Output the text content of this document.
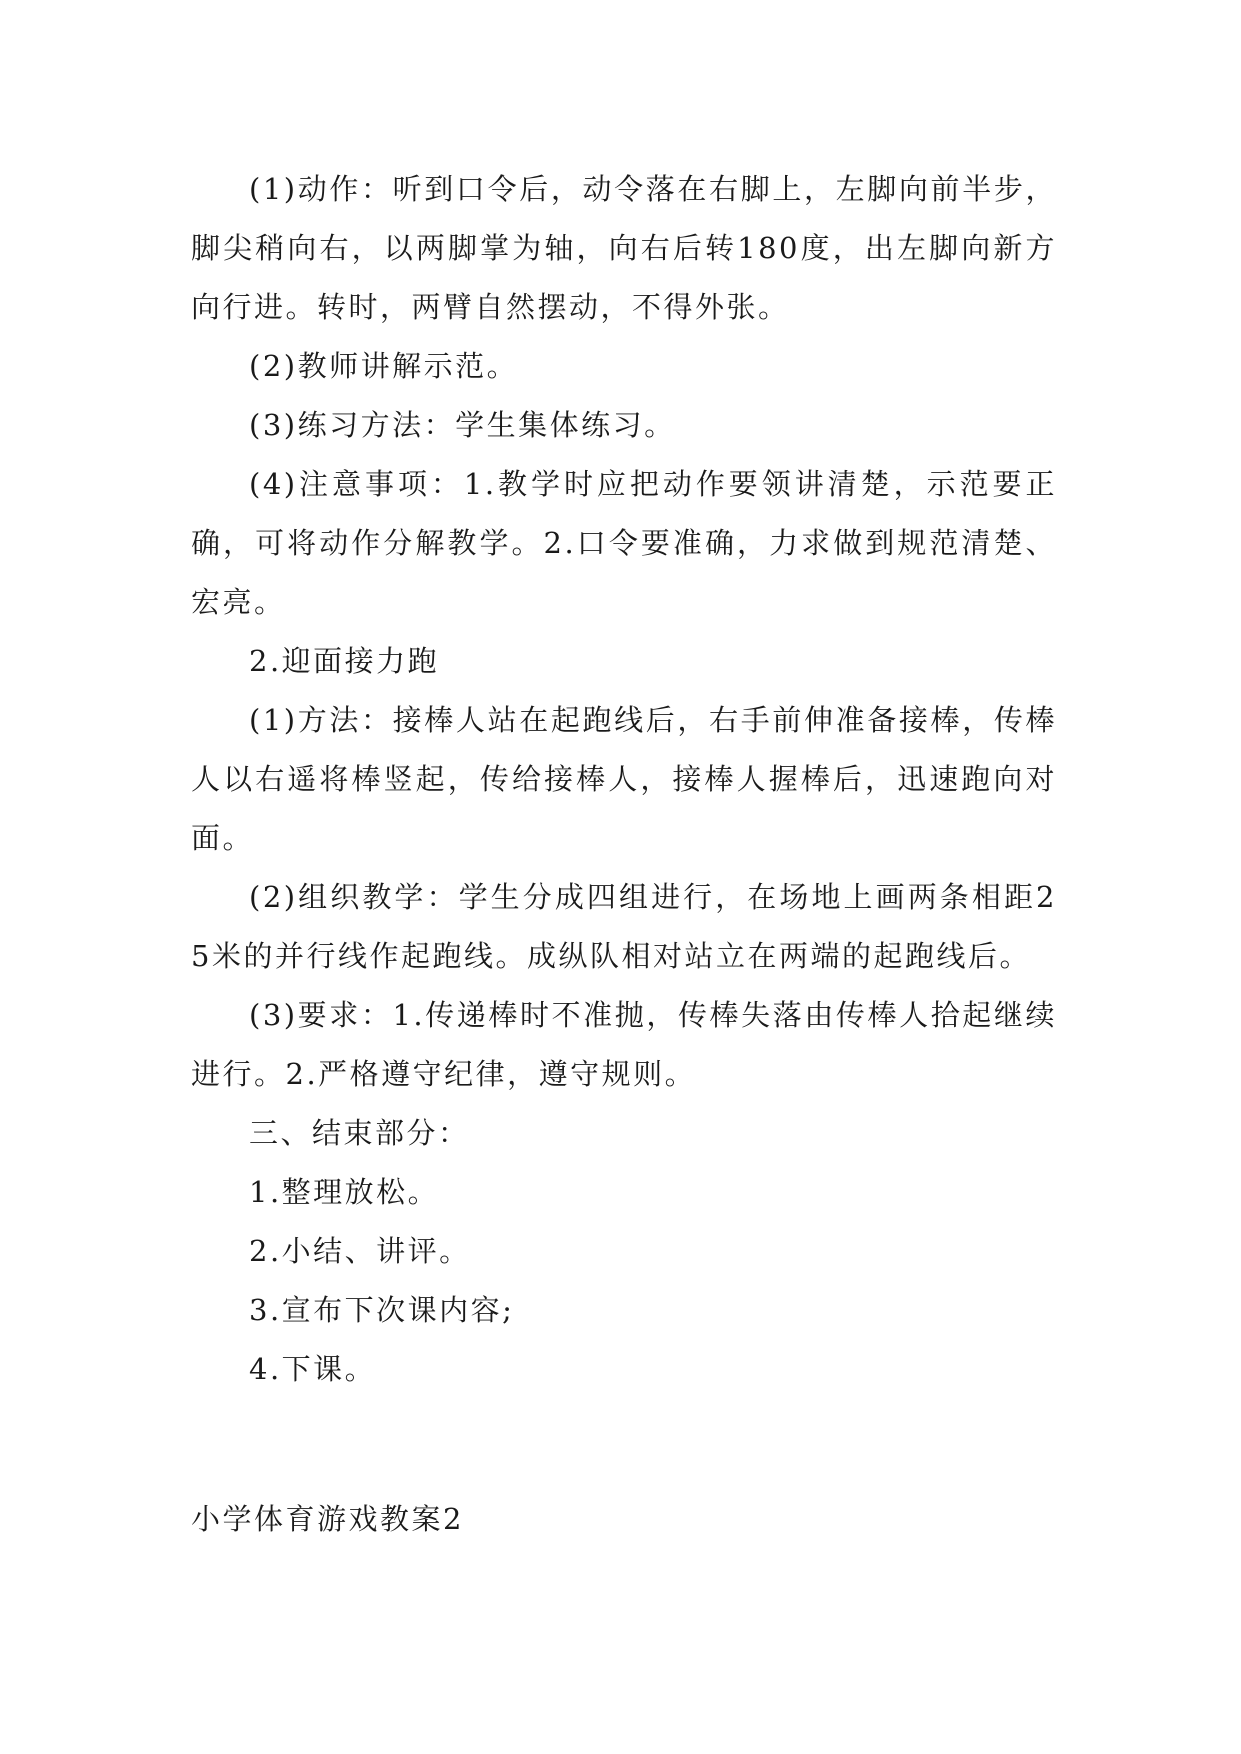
(1)动作：听到口令后，动令落在右脚上，左脚向前半步，脚尖稍向右，以两脚掌为轴，向右后转180度，出左脚向新方向行进。转时，两臂自然摆动，不得外张。

(2)教师讲解示范。

(3)练习方法：学生集体练习。

(4)注意事项：1.教学时应把动作要领讲清楚，示范要正确，可将动作分解教学。2.口令要准确，力求做到规范清楚、宏亮。

2.迎面接力跑

(1)方法：接棒人站在起跑线后，右手前伸准备接棒，传棒人以右遥将棒竖起，传给接棒人，接棒人握棒后，迅速跑向对面。

(2)组织教学：学生分成四组进行，在场地上画两条相距25米的并行线作起跑线。成纵队相对站立在两端的起跑线后。

(3)要求：1.传递棒时不准抛，传棒失落由传棒人拾起继续进行。2.严格遵守纪律，遵守规则。

三、结束部分：

1.整理放松。

2.小结、讲评。

3.宣布下次课内容;

4.下课。

小学体育游戏教案2
